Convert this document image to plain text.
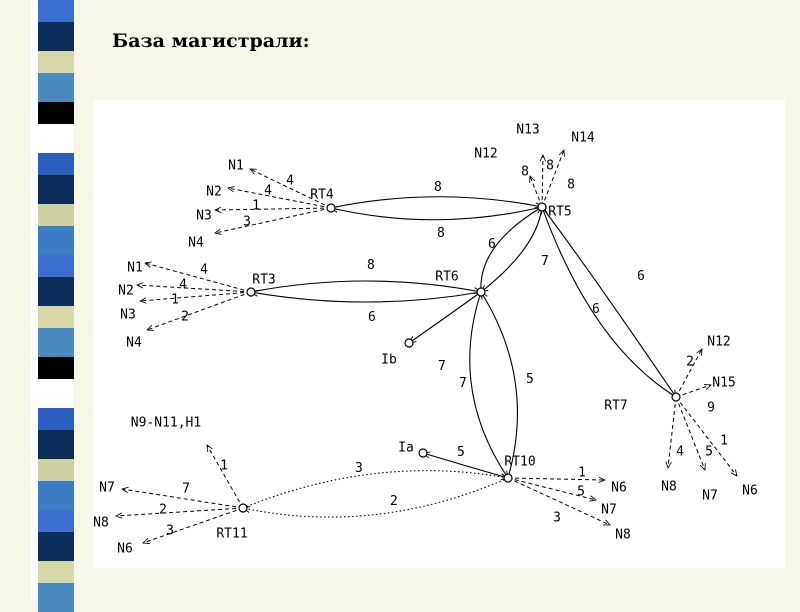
База магистрали:
8
8
8
6
6
7
6
6
7	5
7
5
3
2
N1
4
N2	4
N3
1
N4
3
N1	4
N2	4
N3
1
N4
2
N12
8
N13
8
N14
8
N12
2
N15
9
N8
4
N7
5
N6
1
N6
1
N7
5
N8
3
N9-N11,H1
1
N7	7
N8
2
N6
3
RT4
RT5
RT3	RT6
RT7
RT10
RT11
Ia
Ib
